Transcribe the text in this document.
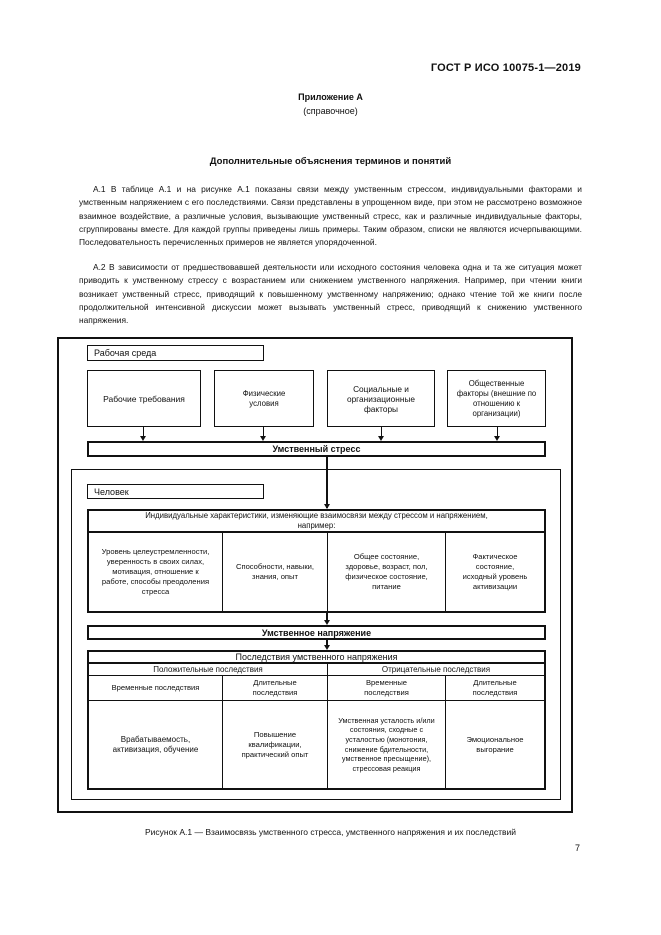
ГОСТ Р ИСО 10075-1—2019
Приложение А
(справочное)
Дополнительные объяснения терминов и понятий
А.1 В таблице А.1 и на рисунке А.1 показаны связи между умственным стрессом, индивидуальными факторами и умственным напряжением с его последствиями. Связи представлены в упрощенном виде, при этом не рассмотрено возможное взаимное воздействие, а различные условия, вызывающие умственный стресс, как и различные индивидуальные факторы, сгруппированы вместе. Для каждой группы приведены лишь примеры. Таким образом, списки не являются исчерпывающими. Последовательность перечисленных примеров не является упорядоченной.
А.2 В зависимости от предшествовавшей деятельности или исходного состояния человека одна и та же ситуация может приводить к умственному стрессу с возрастанием или снижением умственного напряжения. Например, при чтении книги возникает умственный стресс, приводящий к повышенному умственному напряжению; однако чтение той же книги после продолжительной интенсивной дискуссии может вызывать умственный стресс, приводящий к снижению умственного напряжения.
Рабочая среда
Рабочие требования
Физические условия
Социальные и организационные факторы
Общественные факторы (внешние по отношению к организации)
Умственный стресс
Человек
Индивидуальные характеристики, изменяющие взаимосвязи между стрессом и напряжением, например:
Уровень целеустремленности, уверенность в своих силах, мотивация, отношение к работе, способы преодоления стресса
Способности, навыки, знания, опыт
Общее состояние, здоровье, возраст, пол, физическое состояние, питание
Фактическое состояние, исходный уровень активизации
Умственное напряжение
Последствия умственного напряжения
Положительные последствия	Отрицательные последствия
Временные последствия
Длительные последствия
Временные последствия
Длительные последствия
Врабатываемость, активизация, обучение
Повышение квалификации, практический опыт
Умственная усталость и/или состояния, сходные с усталостью (монотония, снижение бдительности, умственное пресыщение), стрессовая реакция
Эмоциональное выгорание
Рисунок А.1 — Взаимосвязь умственного стресса, умственного напряжения и их последствий
7
